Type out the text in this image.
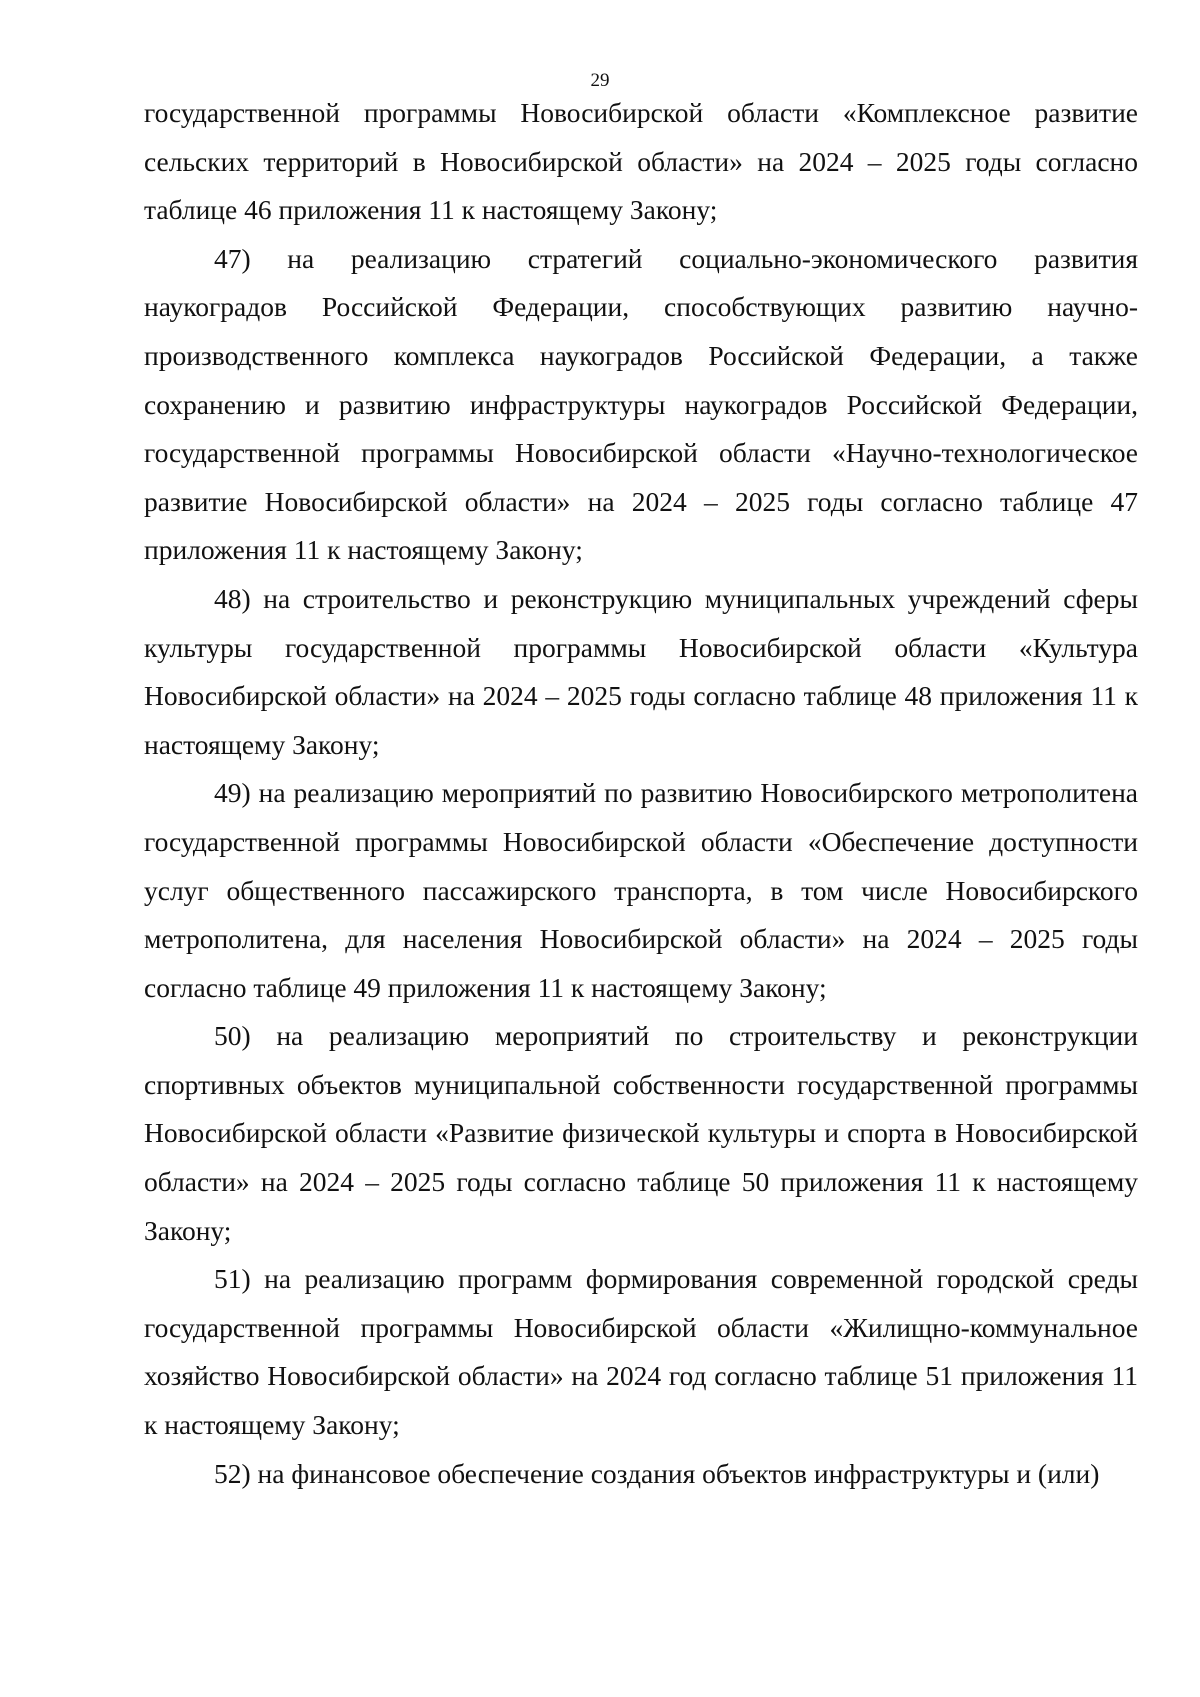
29

государственной программы Новосибирской области «Комплексное развитие сельских территорий в Новосибирской области» на 2024 – 2025 годы согласно таблице 46 приложения 11 к настоящему Закону;

47) на реализацию стратегий социально-экономического развития наукоградов Российской Федерации, способствующих развитию научно-производственного комплекса наукоградов Российской Федерации, а также сохранению и развитию инфраструктуры наукоградов Российской Федерации, государственной программы Новосибирской области «Научно-технологическое развитие Новосибирской области» на 2024 – 2025 годы согласно таблице 47 приложения 11 к настоящему Закону;

48) на строительство и реконструкцию муниципальных учреждений сферы культуры государственной программы Новосибирской области «Культура Новосибирской области» на 2024 – 2025 годы согласно таблице 48 приложения 11 к настоящему Закону;

49) на реализацию мероприятий по развитию Новосибирского метрополитена государственной программы Новосибирской области «Обеспечение доступности услуг общественного пассажирского транспорта, в том числе Новосибирского метрополитена, для населения Новосибирской области» на 2024 – 2025 годы согласно таблице 49 приложения 11 к настоящему Закону;

50) на реализацию мероприятий по строительству и реконструкции спортивных объектов муниципальной собственности государственной программы Новосибирской области «Развитие физической культуры и спорта в Новосибирской области» на 2024 – 2025 годы согласно таблице 50 приложения 11 к настоящему Закону;

51) на реализацию программ формирования современной городской среды государственной программы Новосибирской области «Жилищно-коммунальное хозяйство Новосибирской области» на 2024 год согласно таблице 51 приложения 11 к настоящему Закону;

52) на финансовое обеспечение создания объектов инфраструктуры и (или)
